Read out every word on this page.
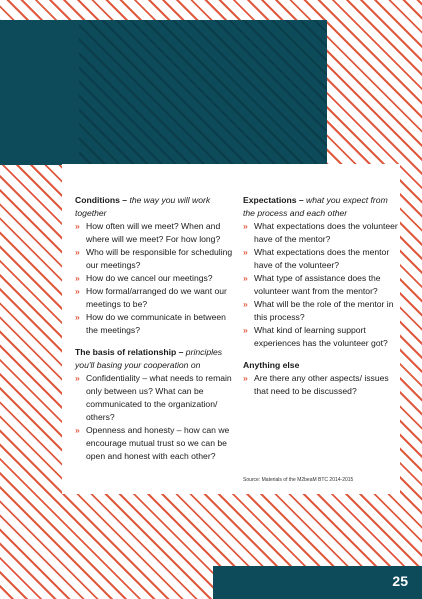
Conditions – the way you will work together
» How often will we meet? When and where will we meet? For how long?
» Who will be responsible for scheduling our meetings?
» How do we cancel our meetings?
» How formal/arranged do we want our meetings to be?
» How do we communicate in between the meetings?
The basis of relationship – principles you'll basing your cooperation on
» Confidentiality – what needs to remain only between us? What can be communicated to the organization/ others?
» Openness and honesty – how can we encourage mutual trust so we can be open and honest with each other?
Expectations – what you expect from the process and each other
» What expectations does the volunteer have of the mentor?
» What expectations does the mentor have of the volunteer?
» What type of assistance does the volunteer want from the mentor?
» What will be the role of the mentor in this process?
» What kind of learning support experiences has the volunteer got?
Anything else
» Are there any other aspects/ issues that need to be discussed?
Source: Materials of the M2beaM BTC 2014-2015
25
